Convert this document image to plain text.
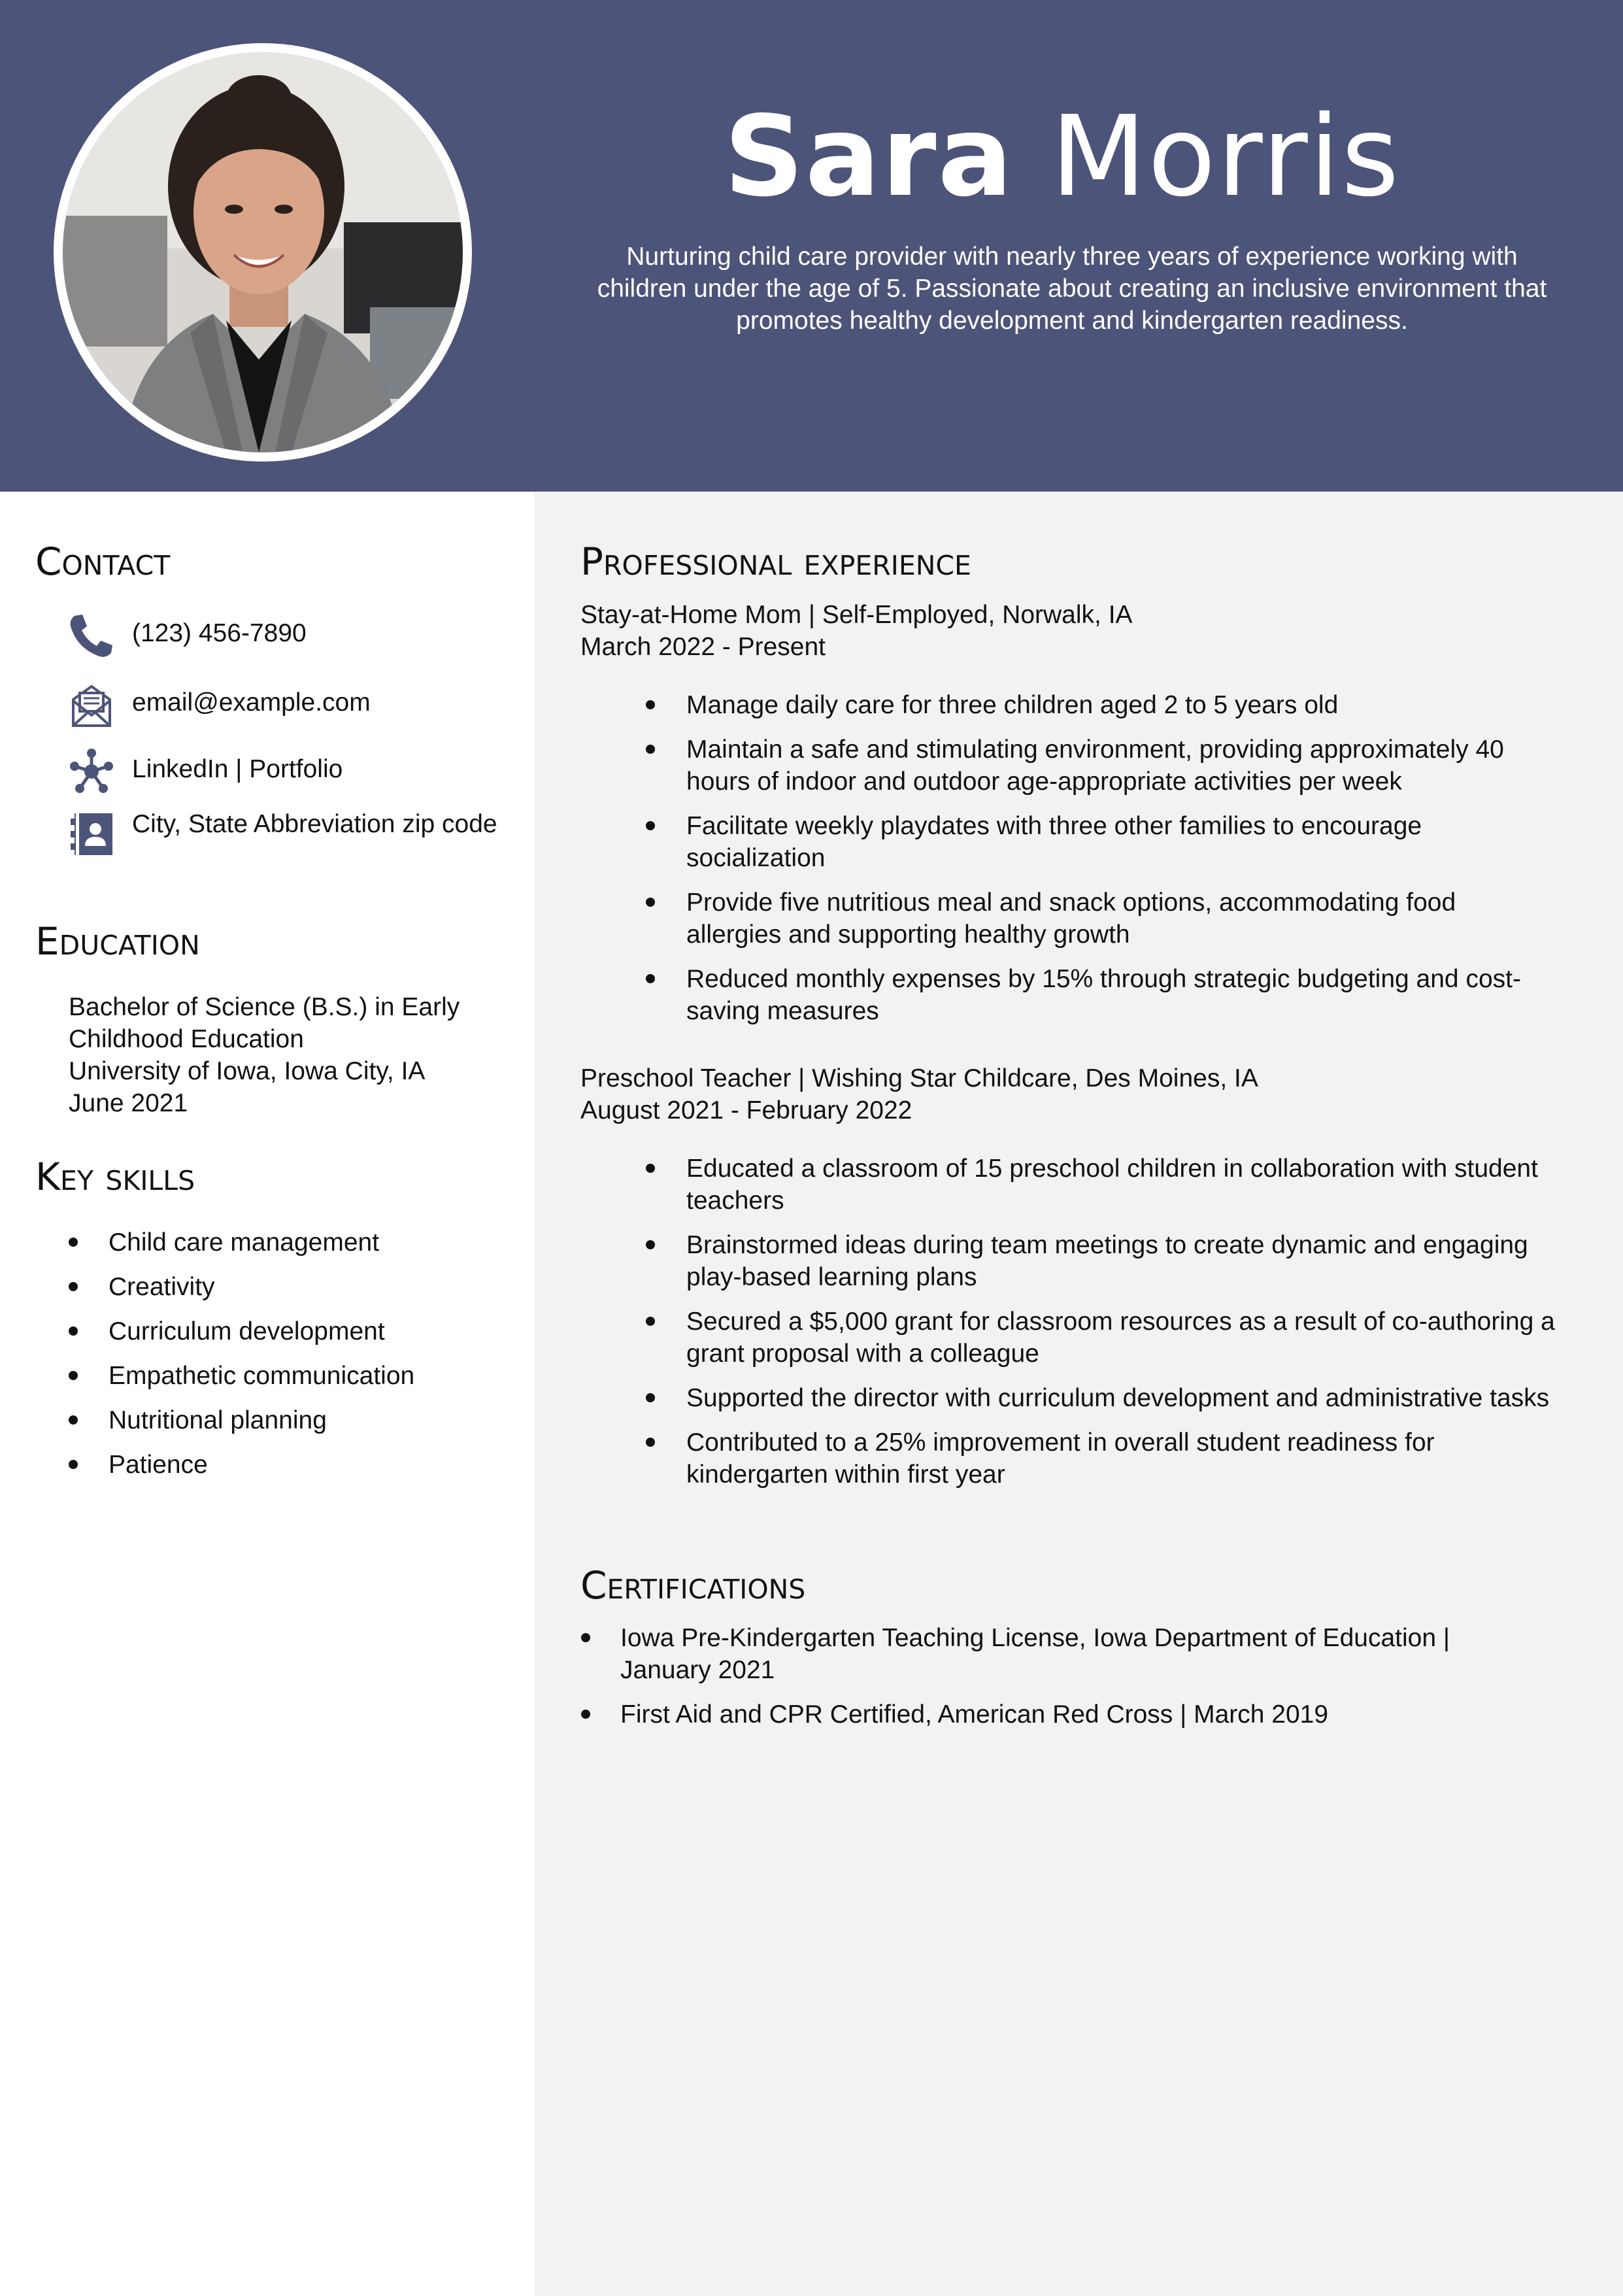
Sara Morris
Nurturing child care provider with nearly three years of experience working with children under the age of 5. Passionate about creating an inclusive environment that promotes healthy development and kindergarten readiness.
Contact
(123) 456-7890
email@example.com
LinkedIn | Portfolio
City, State Abbreviation zip code
Education
Bachelor of Science (B.S.) in Early Childhood Education
University of Iowa, Iowa City, IA
June 2021
Key skills
Child care management
Creativity
Curriculum development
Empathetic communication
Nutritional planning
Patience
Professional experience
Stay-at-Home Mom | Self-Employed, Norwalk, IA
March 2022 - Present
Manage daily care for three children aged 2 to 5 years old
Maintain a safe and stimulating environment, providing approximately 40 hours of indoor and outdoor age-appropriate activities per week
Facilitate weekly playdates with three other families to encourage socialization
Provide five nutritious meal and snack options, accommodating food allergies and supporting healthy growth
Reduced monthly expenses by 15% through strategic budgeting and cost-saving measures
Preschool Teacher | Wishing Star Childcare, Des Moines, IA
August 2021 - February 2022
Educated a classroom of 15 preschool children in collaboration with student teachers
Brainstormed ideas during team meetings to create dynamic and engaging play-based learning plans
Secured a $5,000 grant for classroom resources as a result of co-authoring a grant proposal with a colleague
Supported the director with curriculum development and administrative tasks
Contributed to a 25% improvement in overall student readiness for kindergarten within first year
Certifications
Iowa Pre-Kindergarten Teaching License, Iowa Department of Education | January 2021
First Aid and CPR Certified, American Red Cross | March 2019
